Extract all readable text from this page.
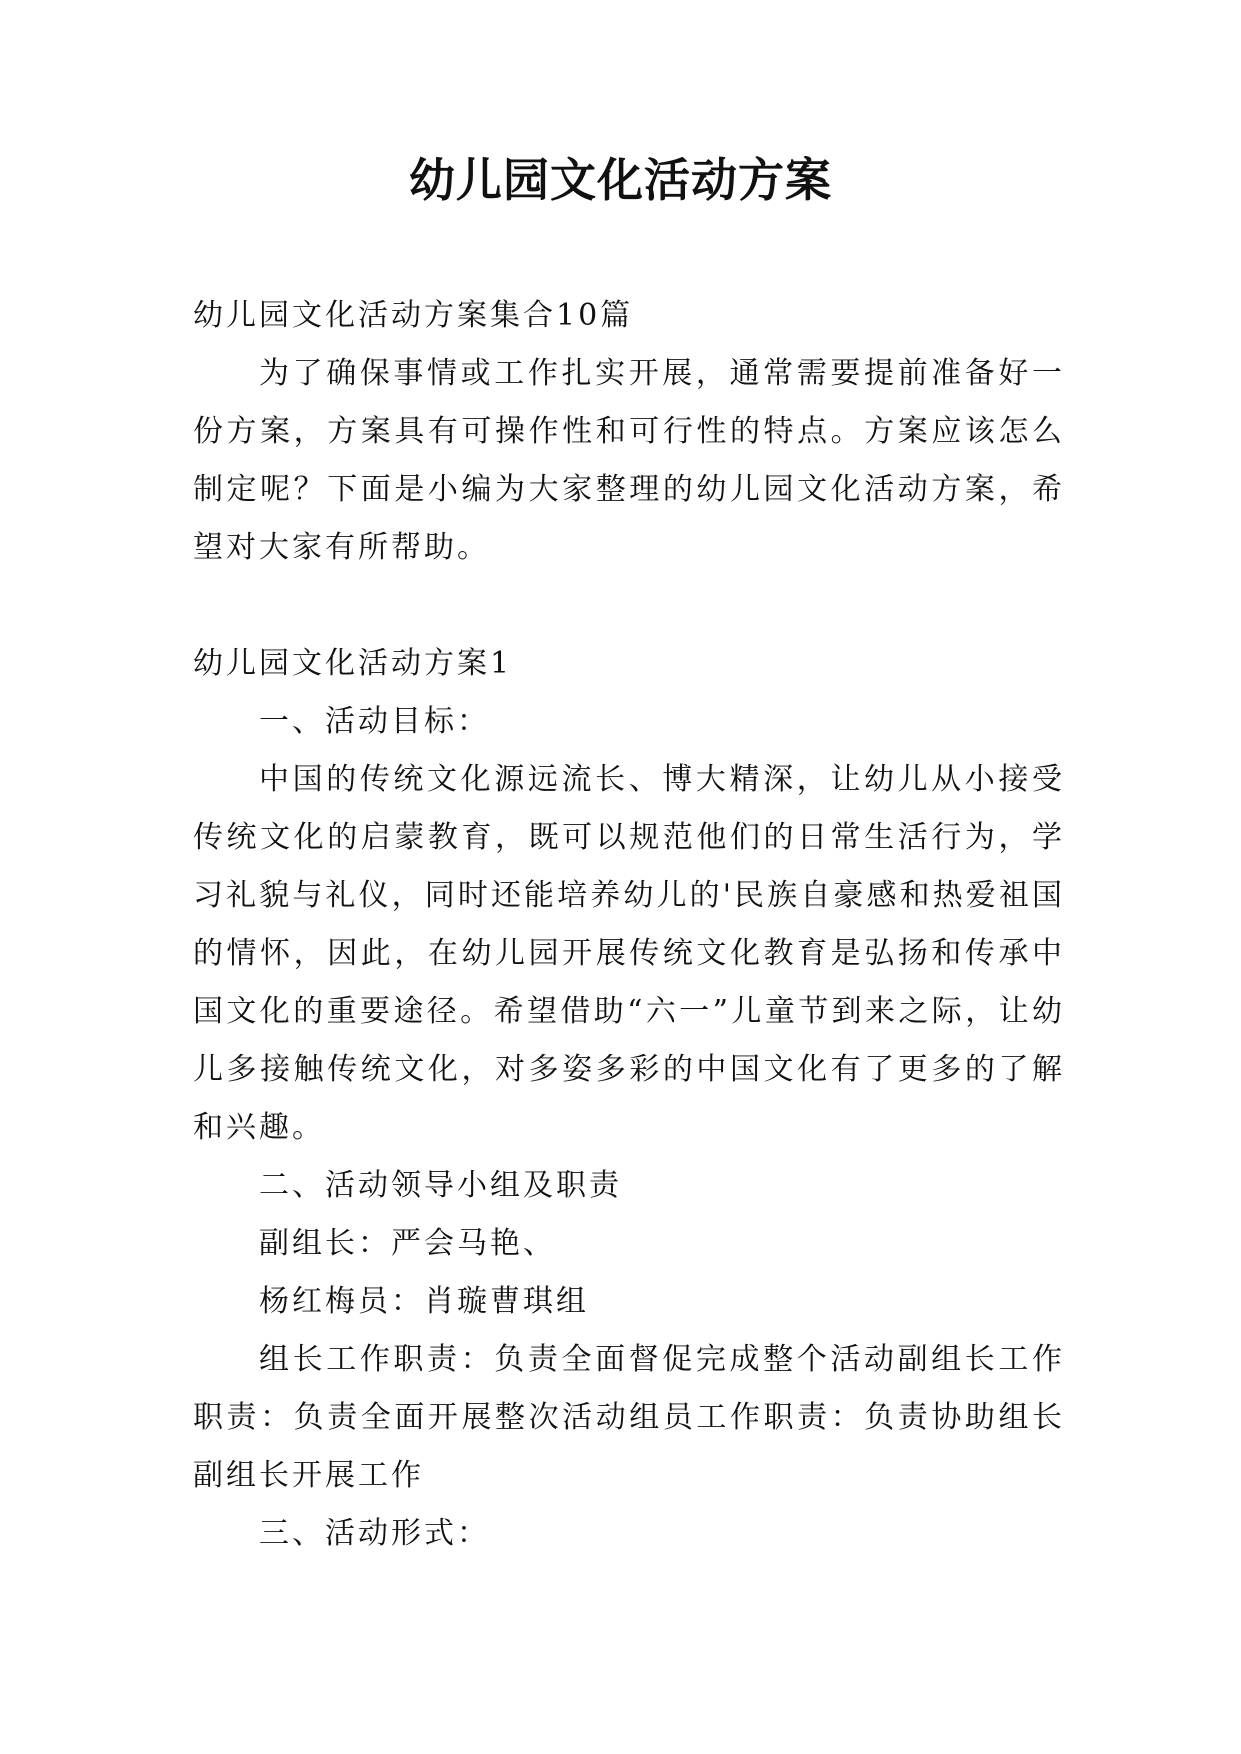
幼儿园文化活动方案

幼儿园文化活动方案集合10篇

为了确保事情或工作扎实开展，通常需要提前准备好一份方案，方案具有可操作性和可行性的特点。方案应该怎么制定呢？下面是小编为大家整理的幼儿园文化活动方案，希望对大家有所帮助。

幼儿园文化活动方案1

一、活动目标：

中国的传统文化源远流长、博大精深，让幼儿从小接受传统文化的启蒙教育，既可以规范他们的日常生活行为，学习礼貌与礼仪，同时还能培养幼儿的'民族自豪感和热爱祖国的情怀，因此，在幼儿园开展传统文化教育是弘扬和传承中国文化的重要途径。希望借助“六一”儿童节到来之际，让幼儿多接触传统文化，对多姿多彩的中国文化有了更多的了解和兴趣。

二、活动领导小组及职责

副组长：严会马艳、

杨红梅员：肖璇曹琪组

组长工作职责：负责全面督促完成整个活动副组长工作职责：负责全面开展整次活动组员工作职责：负责协助组长副组长开展工作

三、活动形式：
